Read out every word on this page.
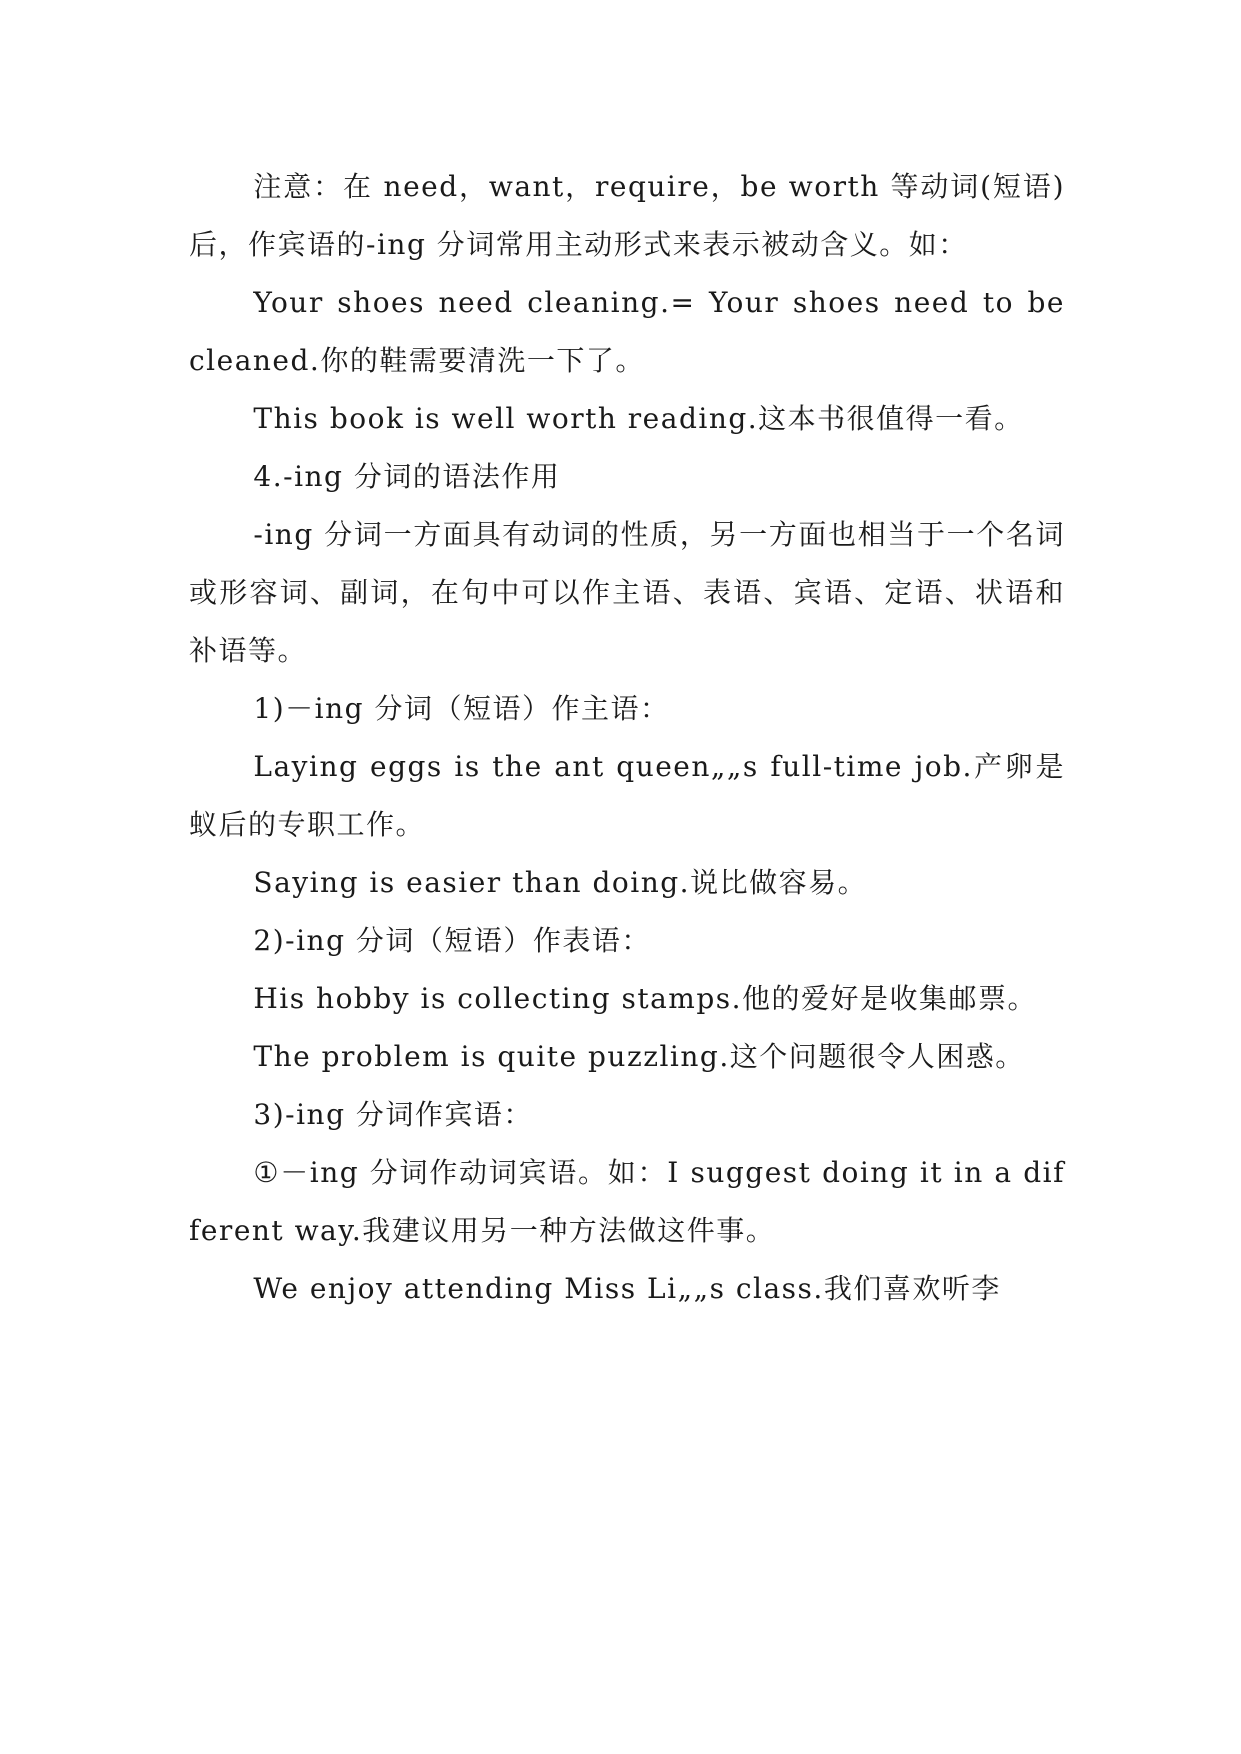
注意：在 need，want，require，be worth 等动词(短语)后，作宾语的-ing 分词常用主动形式来表示被动含义。如：

Your shoes need cleaning.= Your shoes need to be cleaned.你的鞋需要清洗一下了。

This book is well worth reading.这本书很值得一看。

4.-ing 分词的语法作用

-ing 分词一方面具有动词的性质，另一方面也相当于一个名词或形容词、副词，在句中可以作主语、表语、宾语、定语、状语和补语等。

1)－ing 分词（短语）作主语：

Laying eggs is the ant queen„„s full-time job.产卵是蚁后的专职工作。

Saying is easier than doing.说比做容易。

2)-ing 分词（短语）作表语：

His hobby is collecting stamps.他的爱好是收集邮票。

The problem is quite puzzling.这个问题很令人困惑。

3)-ing 分词作宾语：

①－ing 分词作动词宾语。如：I suggest doing it in a different way.我建议用另一种方法做这件事。

We enjoy attending Miss Li„„s class.我们喜欢听李
